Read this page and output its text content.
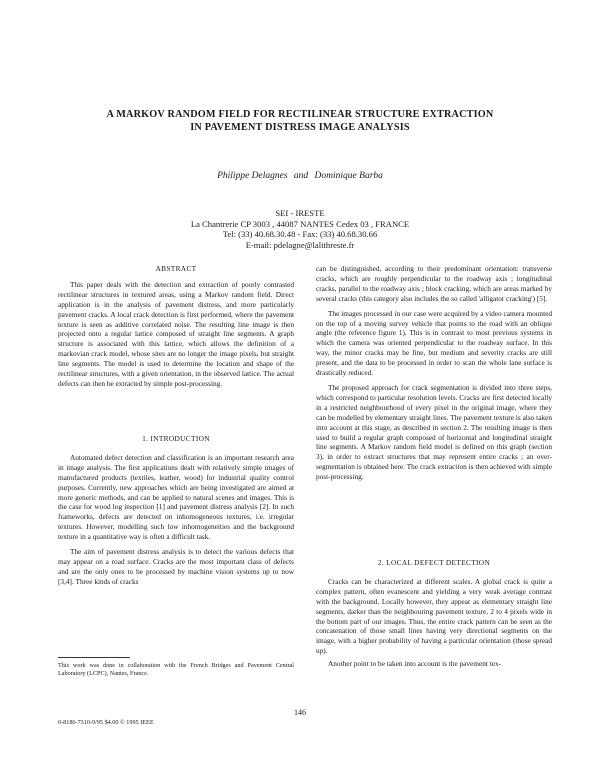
A MARKOV RANDOM FIELD FOR RECTILINEAR STRUCTURE EXTRACTION
IN PAVEMENT DISTRESS IMAGE ANALYSIS
Philippe Delagnes and Dominique Barba
SEI - IRESTE
La Chantrerie CP 3003 , 44087 NANTES Cedex 03 , FRANCE
Tel: (33) 40.68.30.48 - Fax: (33) 40.68.30.66
E-mail: pdelagne@lalithreste.fr
ABSTRACT
This paper deals with the detection and extraction of poorly contrasted rectilinear structures in textured areas, using a Markov random field. Direct application is in the analysis of pavement distress, and more particularly pavement cracks. A local crack detection is first performed, where the pavement texture is seen as additive correlated noise. The resulting line image is then projected onto a regular lattice composed of straight line segments. A graph structure is associated with this lattice, which allows the definition of a markovian crack model, whose sites are no longer the image pixels, but straight line segments. The model is used to determine the location and shape of the rectilinear structures, with a given orientation, in the observed lattice. The actual defects can then be extracted by simple post-processing.
1. INTRODUCTION
Automated defect detection and classification is an important research area in image analysis. The first applications dealt with relatively simple images of manufactured products (textiles, leather, wood) for industrial quality control purposes. Currently, new approaches which are being investigated are aimed at more generic methods, and can be applied to natural scenes and images. This is the case for wood log inspection [1] and pavement distress analysis [2]. In such frameworks, defects are detected on inhomogeneous textures, i.e. irregular textures. However, modelling such low inhomogeneities and the background texture in a quantitative way is often a difficult task.
The aim of pavement distress analysis is to detect the various defects that may appear on a road surface. Cracks are the most important class of defects and are the only ones to be processed by machine vision systems up to now [3,4]. Three kinds of cracks
This work was done in collaboration with the French Bridges and Pavement Central Laboratory (LCPC), Nantes, France.
can be distinguished, according to their predominant orientation: transverse cracks, which are roughly perpendicular to the roadway axis ; longitudinal cracks, parallel to the roadway axis ; block cracking, which are areas marked by several cracks (this category also includes the so called 'alligator cracking') [5].
The images processed in our case were acquired by a video camera mounted on the top of a moving survey vehicle that points to the road with an oblique angle (the reference figure 1). This is in contrast to most previous systems in which the camera was oriented perpendicular to the roadway surface. In this way, the minor cracks may be fine, but medium and severity cracks are still present, and the data to be processed in order to scan the whole lane surface is drastically reduced.
The proposed approach for crack segmentation is divided into three steps, which correspond to particular resolution levels. Cracks are first detected locally in a restricted neighbourhood of every pixel in the original image, where they can be modelled by elementary straight lines. The pavement texture is also taken into account at this stage, as described in section 2. The resulting image is then used to build a regular graph composed of horizontal and longitudinal straight line segments. A Markov random field model is defined on this graph (section 3), in order to extract structures that may represent entire cracks ; an over-segmentation is obtained here. The crack extraction is then achieved with simple post-processing.
2. LOCAL DEFECT DETECTION
Cracks can be characterized at different scales. A global crack is quite a complex pattern, often evanescent and yielding a very weak average contrast with the background. Locally however, they appear as elementary straight line segments, darker than the neighbouring pavement texture, 2 to 4 pixels wide in the bottom part of our images. Thus, the entire crack pattern can be seen as the concatenation of those small lines having very directional segments on the image, with a higher probability of having a particular orientation (those spread up).
Another point to be taken into account is the pavement tex-
146
0-8186-7310-9/95 $4.00 © 1995 IEEE
